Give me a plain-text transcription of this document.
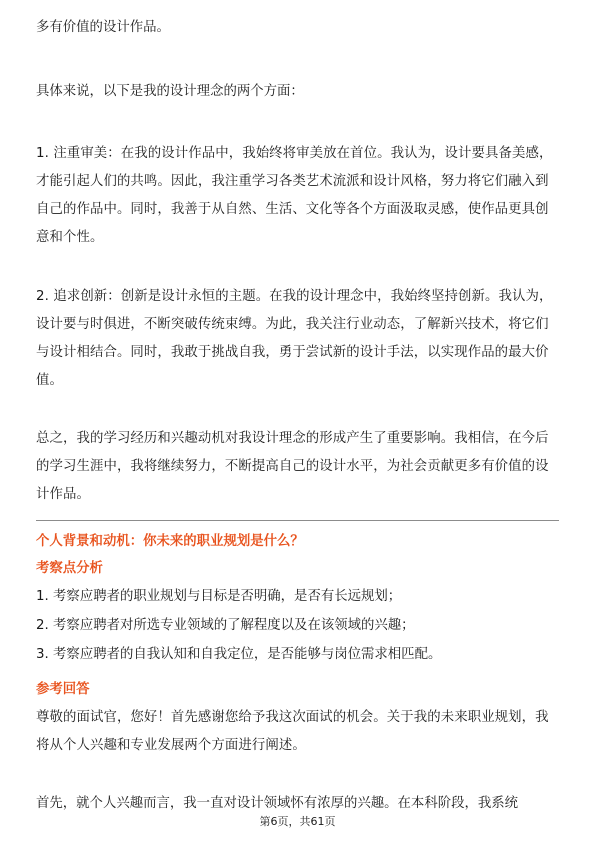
多有价值的设计作品。

具体来说，以下是我的设计理念的两个方面：

1. 注重审美：在我的设计作品中，我始终将审美放在首位。我认为，设计要具备美感，才能引起人们的共鸣。因此，我注重学习各类艺术流派和设计风格，努力将它们融入到自己的作品中。同时，我善于从自然、生活、文化等各个方面汲取灵感，使作品更具创意和个性。

2. 追求创新：创新是设计永恒的主题。在我的设计理念中，我始终坚持创新。我认为，设计要与时俱进，不断突破传统束缚。为此，我关注行业动态，了解新兴技术，将它们与设计相结合。同时，我敢于挑战自我，勇于尝试新的设计手法，以实现作品的最大价值。

总之，我的学习经历和兴趣动机对我设计理念的形成产生了重要影响。我相信，在今后的学习生涯中，我将继续努力，不断提高自己的设计水平，为社会贡献更多有价值的设计作品。

个人背景和动机：你未来的职业规划是什么？

考察点分析

1. 考察应聘者的职业规划与目标是否明确，是否有长远规划；

2. 考察应聘者对所选专业领域的了解程度以及在该领域的兴趣；

3. 考察应聘者的自我认知和自我定位，是否能够与岗位需求相匹配。

参考回答

尊敬的面试官，您好！首先感谢您给予我这次面试的机会。关于我的未来职业规划，我将从个人兴趣和专业发展两个方面进行阐述。

首先，就个人兴趣而言，我一直对设计领域怀有浓厚的兴趣。在本科阶段，我系统

第6页，共61页
